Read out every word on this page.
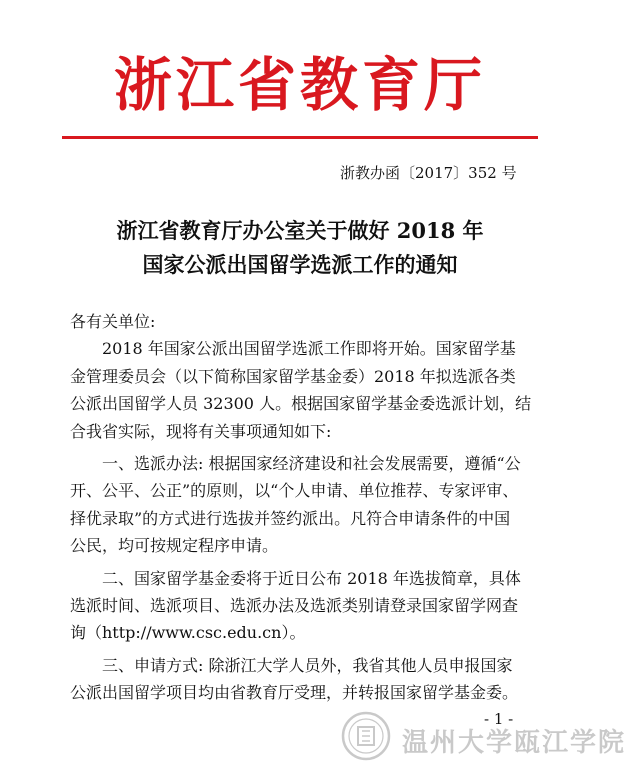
浙江省教育厅
浙教办函〔2017〕352 号
浙江省教育厅办公室关于做好 2018 年
国家公派出国留学选派工作的通知

各有关单位:

　　2018 年国家公派出国留学选派工作即将开始。国家留学基

金管理委员会（以下简称国家留学基金委）2018 年拟选派各类

公派出国留学人员 32300 人。根据国家留学基金委选派计划，结

合我省实际，现将有关事项通知如下:

　　一、选派办法: 根据国家经济建设和社会发展需要，遵循“公

开、公平、公正”的原则，以“个人申请、单位推荐、专家评审、

择优录取”的方式进行选拔并签约派出。凡符合申请条件的中国

公民，均可按规定程序申请。

　　二、国家留学基金委将于近日公布 2018 年选拔简章，具体

选派时间、选派项目、选派办法及选派类别请登录国家留学网查

询（http://www.csc.edu.cn）。

　　三、申请方式: 除浙江大学人员外，我省其他人员申报国家

公派出国留学项目均由省教育厅受理，并转报国家留学基金委。

- 1 -
温州大学瓯江学院
